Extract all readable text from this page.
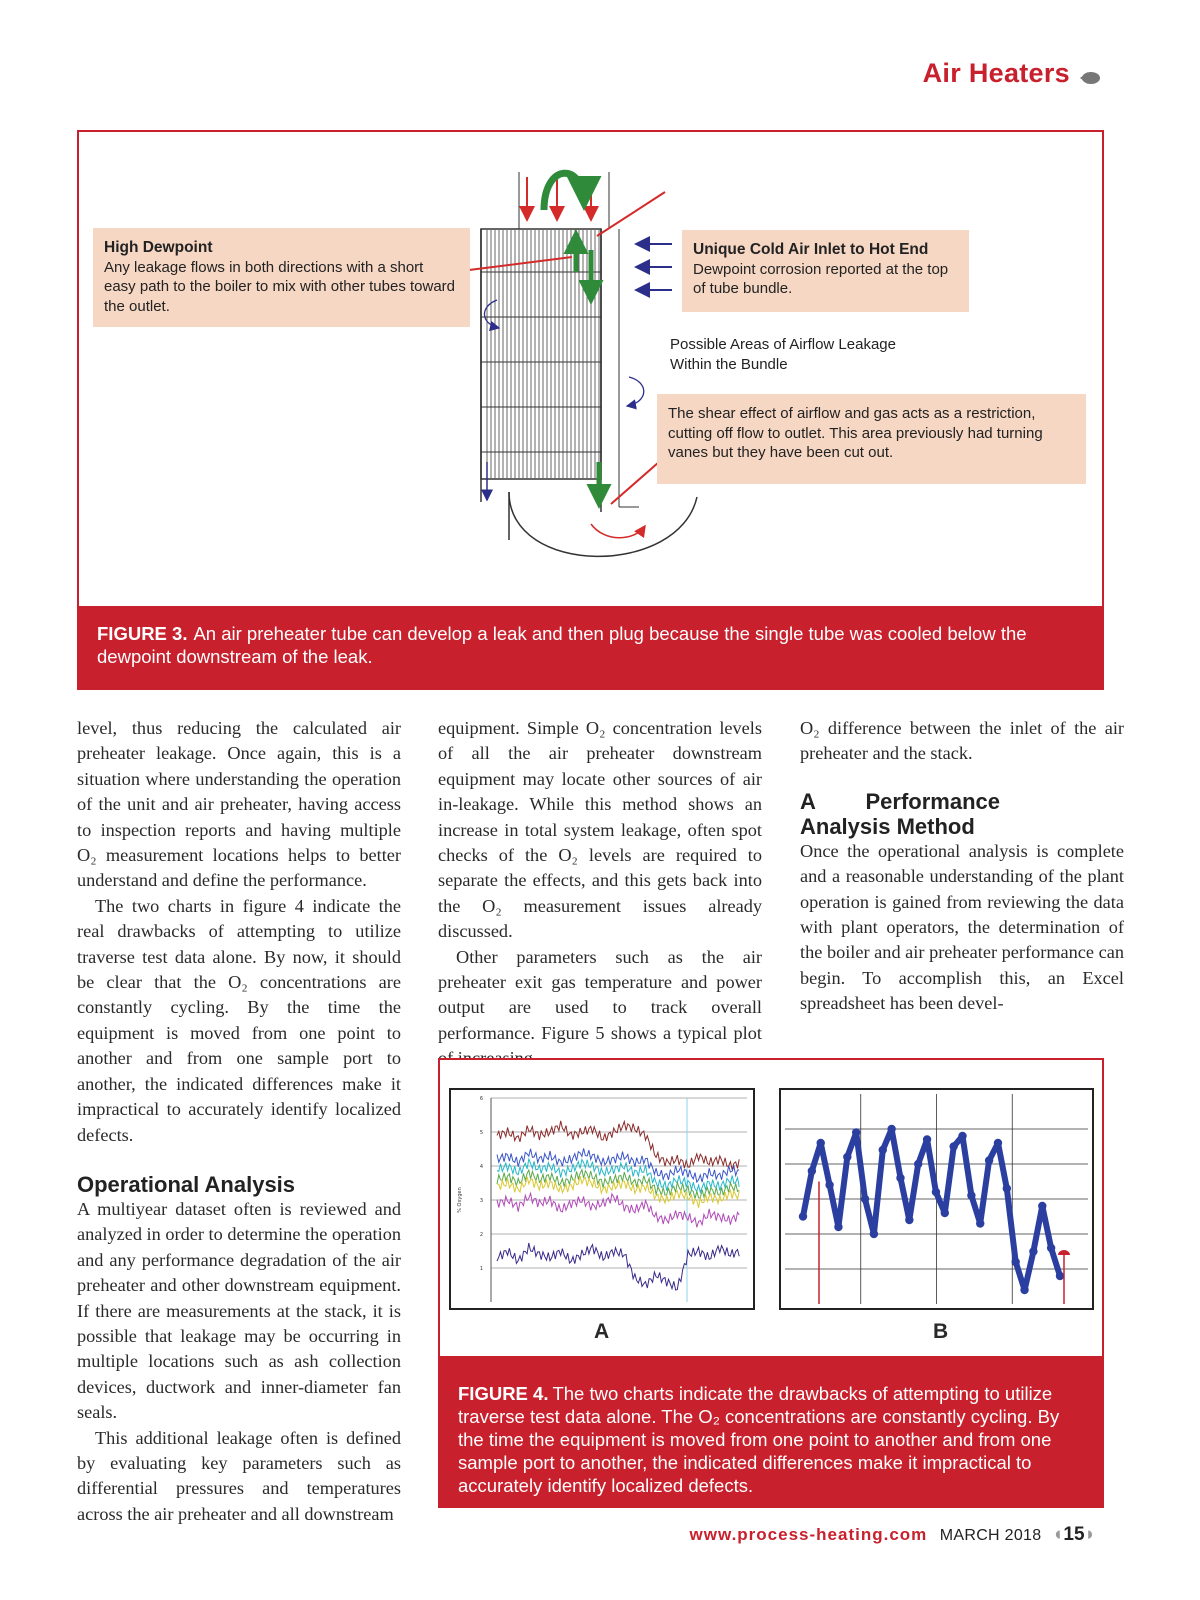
Air Heaters
High Dewpoint
Any leakage flows in both directions with a short easy path to the boiler to mix with other tubes toward the outlet.
Unique Cold Air Inlet to Hot End
Dewpoint corrosion reported at the top of tube bundle.
Possible Areas of Airflow Leakage Within the Bundle
The shear effect of airflow and gas acts as a restriction, cutting off flow to outlet. This area previously had turning vanes but they have been cut out.
FIGURE 3. An air preheater tube can develop a leak and then plug because the single tube was cooled below the dewpoint downstream of the leak.

level, thus reducing the calculated air preheater leakage. Once again, this is a situation where understanding the operation of the unit and air preheater, having access to inspection reports and having multiple O₂ measurement locations helps to better understand and define the performance.

The two charts in figure 4 indicate the real drawbacks of attempting to utilize traverse test data alone. By now, it should be clear that the O₂ concentrations are constantly cycling. By the time the equipment is moved from one point to another and from one sample port to another, the indicated differences make it impractical to accurately identify localized defects.

Operational Analysis

A multiyear dataset often is reviewed and analyzed in order to determine the operation and any performance degradation of the air preheater and other downstream equipment. If there are measurements at the stack, it is possible that leakage may be occurring in multiple locations such as ash collection devices, ductwork and inner-diameter fan seals.

This additional leakage often is defined by evaluating key parameters such as differential pressures and temperatures across the air preheater and all downstream

equipment. Simple O₂ concentration levels of all the air preheater downstream equipment may locate other sources of air in-leakage. While this method shows an increase in total system leakage, often spot checks of the O₂ levels are required to separate the effects, and this gets back into the O₂ measurement issues already discussed.

Other parameters such as the air preheater exit gas temperature and power output are used to track overall performance. Figure 5 shows a typical plot

O₂ difference between the inlet of the air preheater and the stack.

A Performance Analysis Method

Once the operational analysis is complete and a reasonable understanding of the plant operation is gained from reviewing the data with plant operators, the determination of the boiler and air preheater performance can begin. To accomplish this, an Excel spreadsheet has been devel-

1
2
3
4
5
6
% Oxygen
A	B
FIGURE 4. The two charts indicate the drawbacks of attempting to utilize traverse test data alone. The O₂ concentrations are constantly cycling. By the time the equipment is moved from one point to another and from one sample port to another, the indicated differences make it impractical to accurately identify localized defects.
www.process-heating.com MARCH 2018 ◖15◗
